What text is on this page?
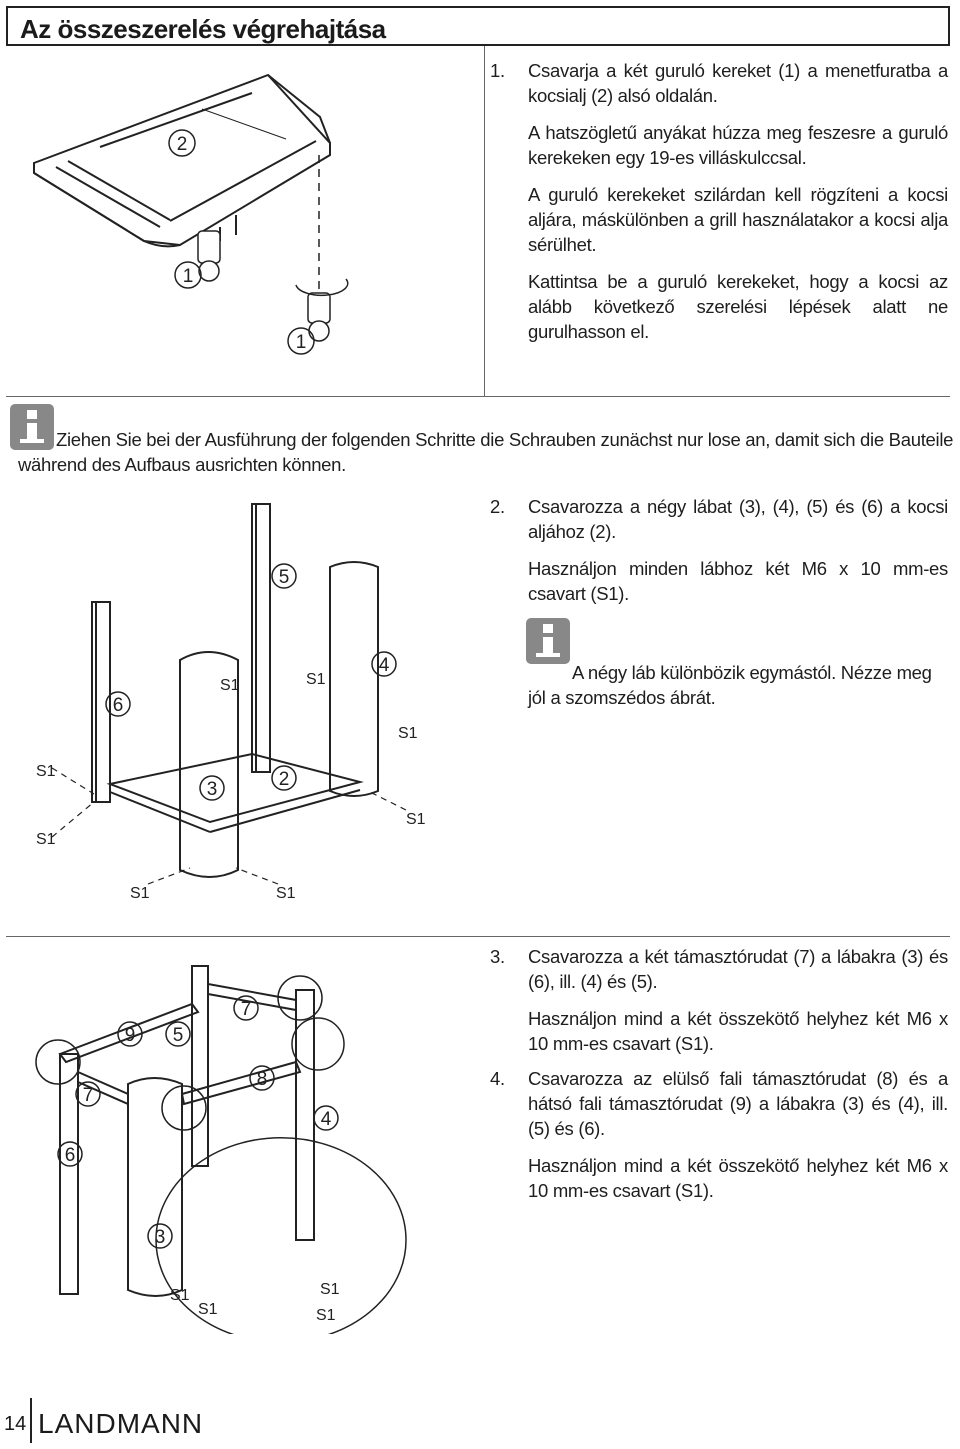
Az összeszerelés végrehajtása
1.	Csavarja a két guruló kereket (1) a menetfuratba a kocsialj (2) alsó oldalán.
A hatszögletű anyákat húzza meg feszesre a guruló kerekeken egy 19-es villáskulccsal.
A guruló kerekeket szilárdan kell rögzíteni a kocsi aljára, máskülönben a grill használatakor a kocsi alja sérülhet.
Kattintsa be a guruló kerekeket, hogy a kocsi az alább következő szerelési lépések alatt ne gurulhasson el.
Ziehen Sie bei der Ausführung der folgenden Schritte die Schrauben zunächst nur lose an, damit sich die Bauteile während des Aufbaus ausrichten können.
2.	Csavarozza a négy lábat (3), (4), (5) és (6) a kocsi aljához (2).
Használjon minden lábhoz két M6 x 10 mm-es csavart (S1).
A négy láb különbözik egymástól. Nézze meg jól a szomszédos ábrát.
3.	Csavarozza a két támasztórudat (7) a lábakra (3) és (6), ill. (4) és (5).
Használjon mind a két összekötő helyhez két M6 x 10 mm-es csavart (S1).
4.	Csavarozza az elülső fali támasztórudat (8) és a hátsó fali támasztórudat (9) a lábakra (3) és (4), ill. (5) és (6).
Használjon mind a két összekötő helyhez két M6 x 10 mm-es csavart (S1).
2
1
1
5
6
4
3	2
S1	S1
S1
S1
S1
S1
S1	S1
9 5
7
7
8
4
6
3
S1
S1
S1
S1
14 LANDMANN
